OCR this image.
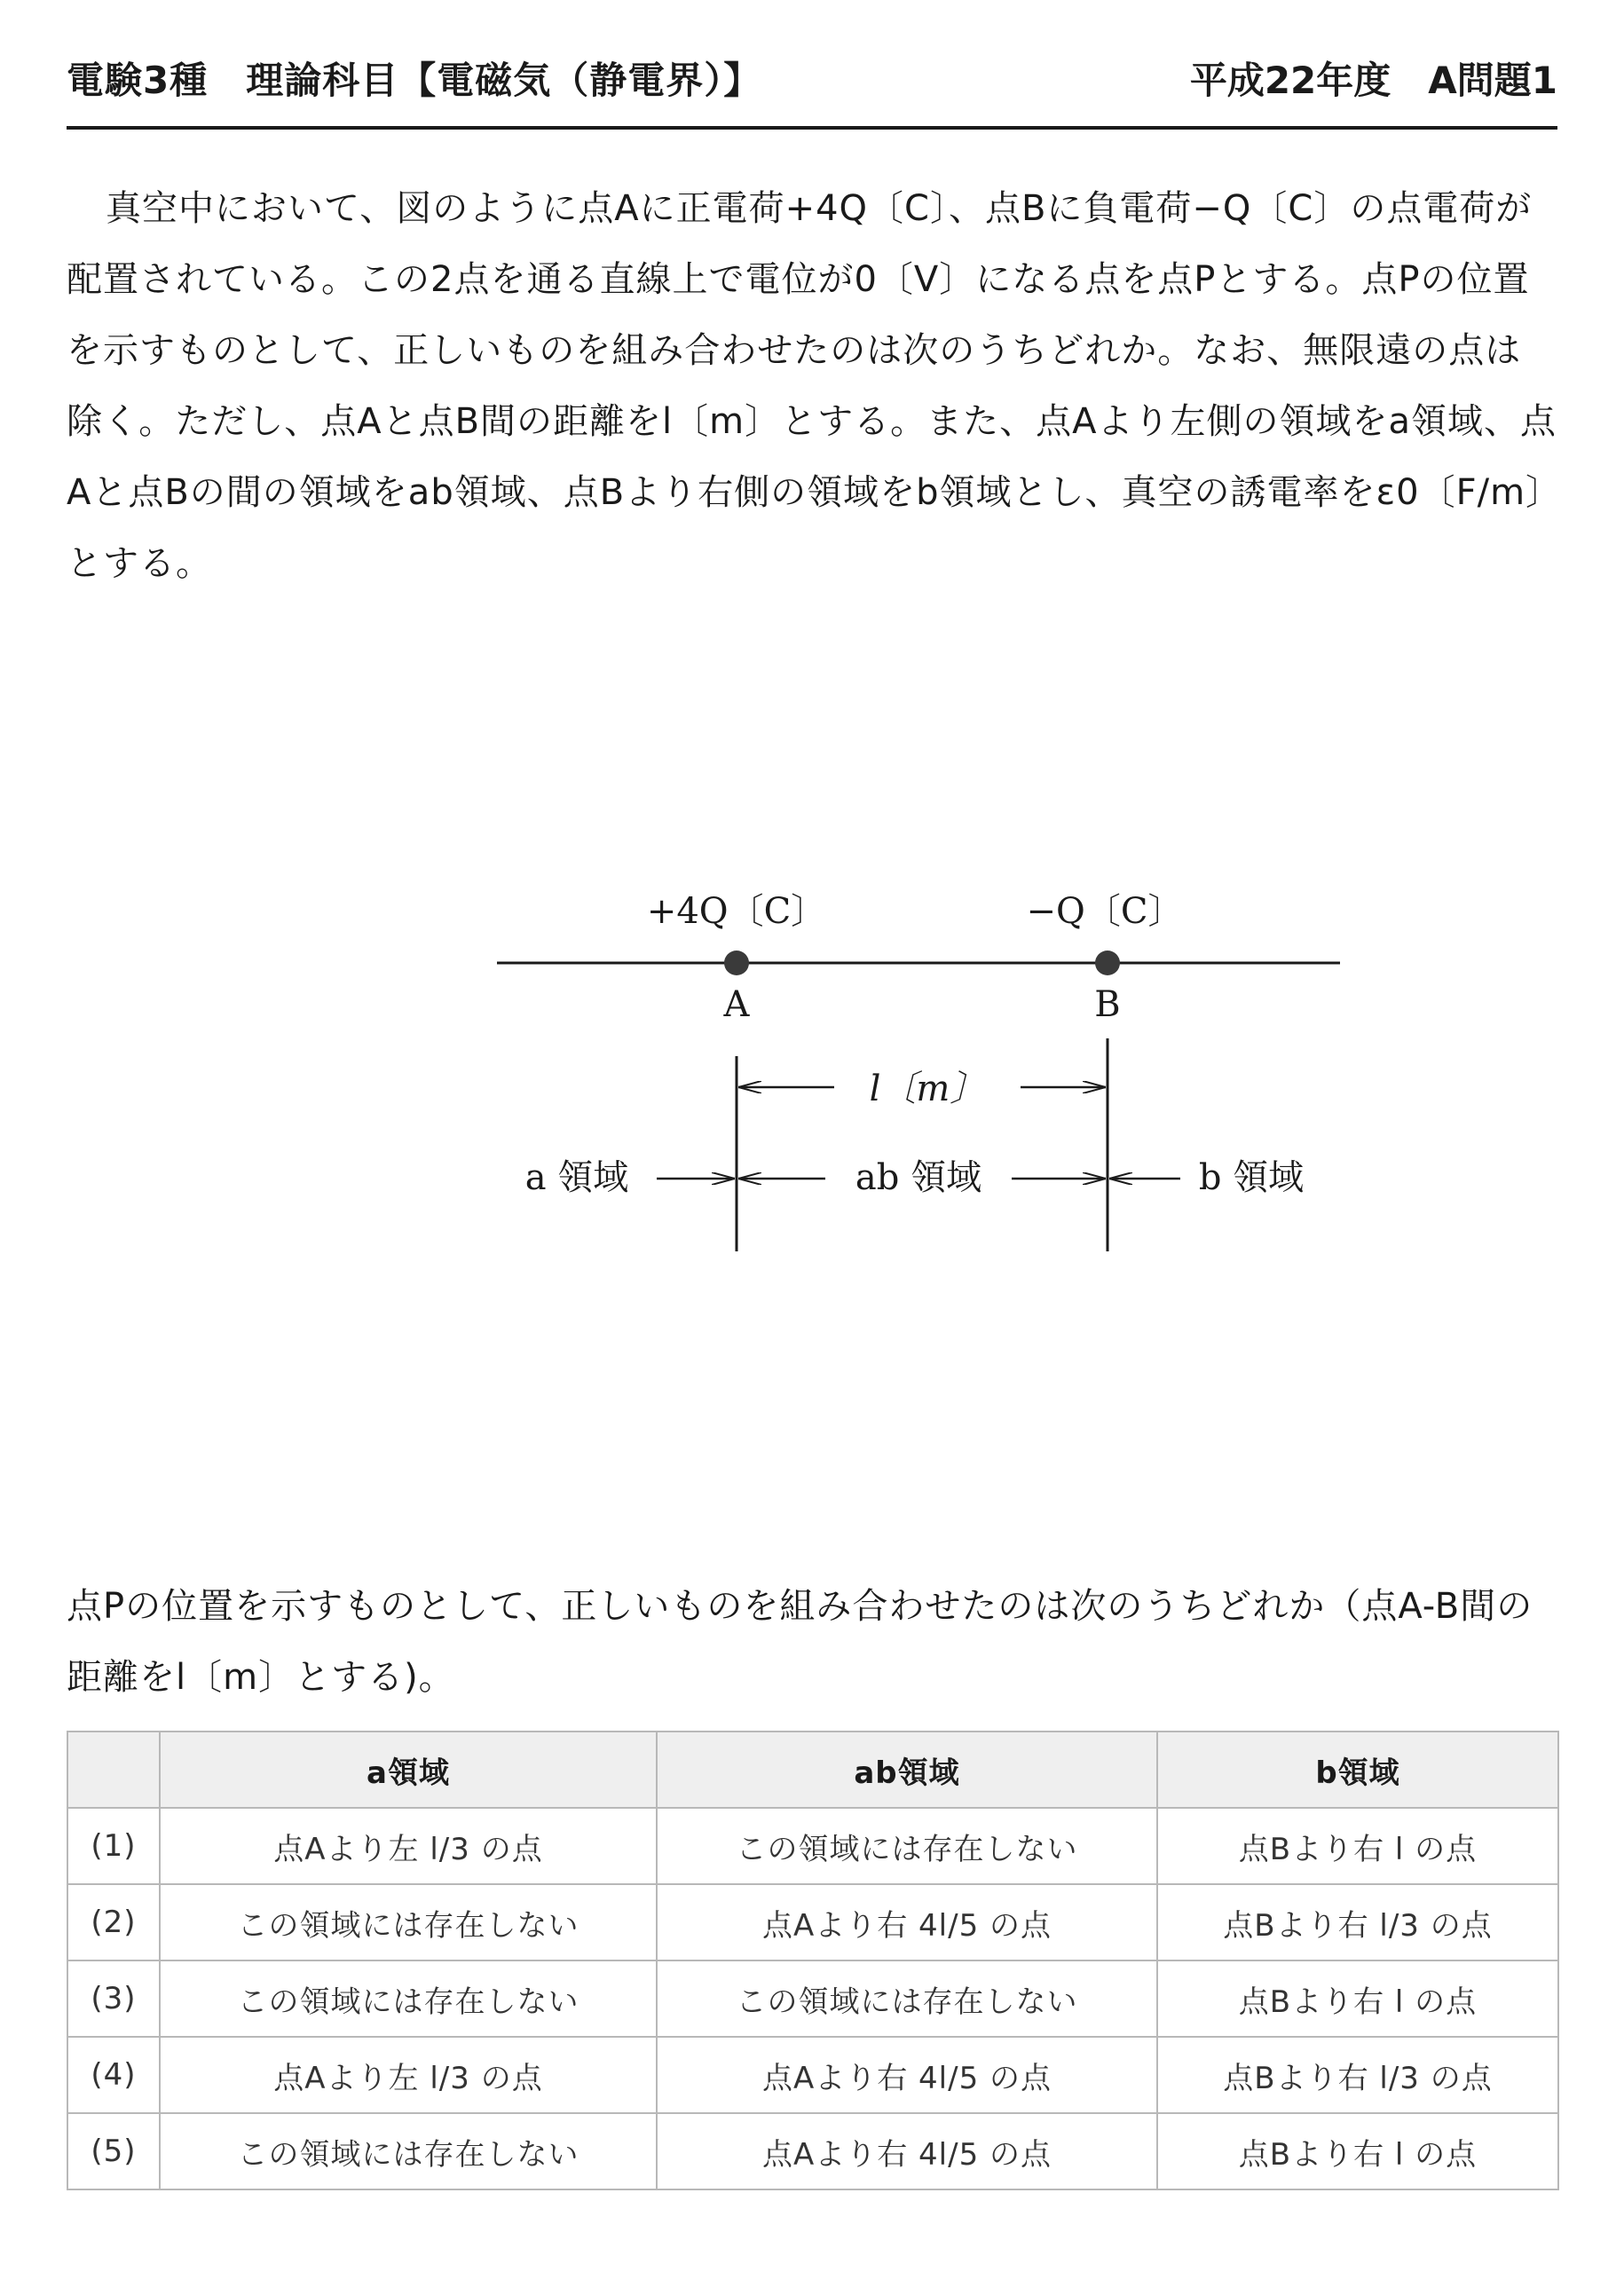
電験3種　理論科目【電磁気（静電界）】	平成22年度　A問題1

真空中において、図のように点Aに正電荷+4Q〔C〕、点Bに負電荷−Q〔C〕の点電荷が配置されている。この2点を通る直線上で電位が0〔V〕になる点を点Pとする。点Pの位置を示すものとして、正しいものを組み合わせたのは次のうちどれか。なお、無限遠の点は除く。ただし、点Aと点B間の距離をl〔m〕とする。また、点Aより左側の領域をa領域、点Aと点Bの間の領域をab領域、点Bより右側の領域をb領域とし、真空の誘電率をε0〔F/m〕とする。

+4Q〔C〕	−Q〔C〕
A	B
l〔m〕
a 領域	ab 領域	b 領域

点Pの位置を示すものとして、正しいものを組み合わせたのは次のうちどれか（点A-B間の距離をl〔m〕とする)。

	a領域	ab領域	b領域
(1)	点Aより左 l/3 の点	この領域には存在しない	点Bより右 l の点
(2)	この領域には存在しない	点Aより右 4l/5 の点	点Bより右 l/3 の点
(3)	この領域には存在しない	この領域には存在しない	点Bより右 l の点
(4)	点Aより左 l/3 の点	点Aより右 4l/5 の点	点Bより右 l/3 の点
(5)	この領域には存在しない	点Aより右 4l/5 の点	点Bより右 l の点
